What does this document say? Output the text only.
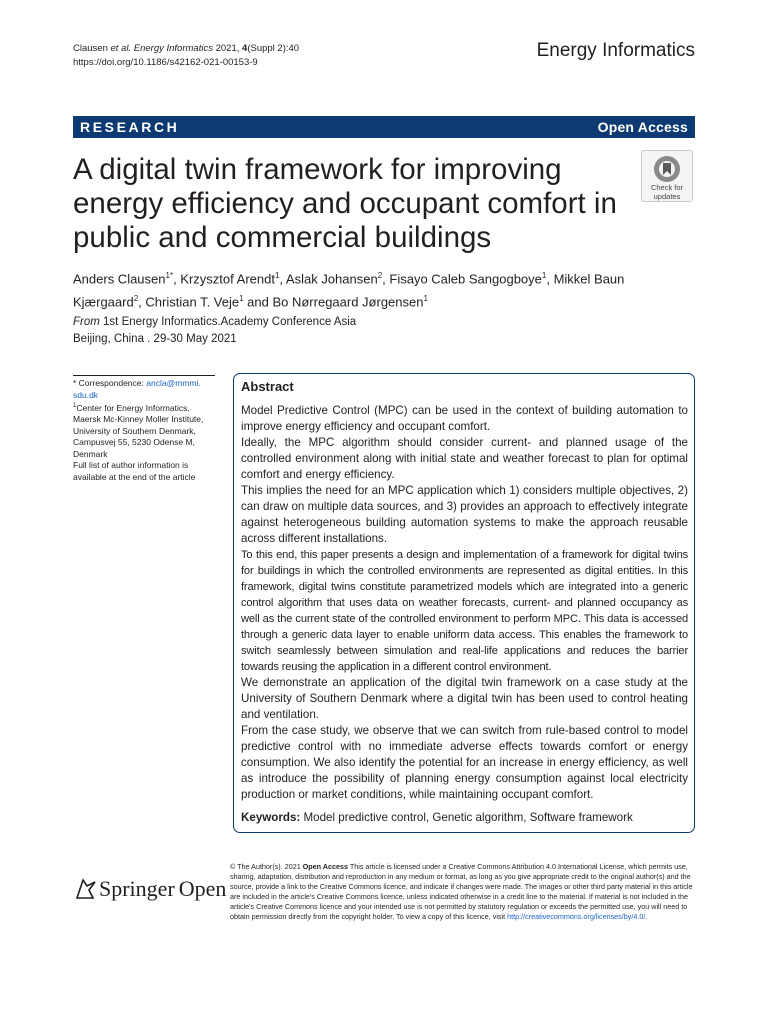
Clausen et al. Energy Informatics 2021, 4(Suppl 2):40
https://doi.org/10.1186/s42162-021-00153-9
Energy Informatics
RESEARCH	Open Access
A digital twin framework for improving energy efficiency and occupant comfort in public and commercial buildings
Check for
updates
Anders Clausen$^{1*}$, Krzysztof Arendt$^1$, Aslak Johansen$^2$, Fisayo Caleb Sangogboye$^1$, Mikkel Baun Kjærgaard$^2$, Christian T. Veje$^1$ and Bo Nørregaard Jørgensen$^1$
From 1st Energy Informatics.Academy Conference Asia
Beijing, China . 29-30 May 2021
* Correspondence: ancla@mmmi.
sdu.dk
$^1$Center for Energy Informatics, Maersk Mc-Kinney Moller Institute, University of Southern Denmark, Campusvej 55, 5230 Odense M, Denmark
Full list of author information is available at the end of the article
Abstract

Model Predictive Control (MPC) can be used in the context of building automation to improve energy efficiency and occupant comfort.

Ideally, the MPC algorithm should consider current- and planned usage of the controlled environment along with initial state and weather forecast to plan for optimal comfort and energy efficiency.

This implies the need for an MPC application which 1) considers multiple objectives, 2) can draw on multiple data sources, and 3) provides an approach to effectively integrate against heterogeneous building automation systems to make the approach reusable across different installations.

To this end, this paper presents a design and implementation of a framework for digital twins for buildings in which the controlled environments are represented as digital entities. In this framework, digital twins constitute parametrized models which are integrated into a generic control algorithm that uses data on weather forecasts, current- and planned occupancy as well as the current state of the controlled environment to perform MPC. This data is accessed through a generic data layer to enable uniform data access. This enables the framework to switch seamlessly between simulation and real-life applications and reduces the barrier towards reusing the application in a different control environment.

We demonstrate an application of the digital twin framework on a case study at the University of Southern Denmark where a digital twin has been used to control heating and ventilation.

From the case study, we observe that we can switch from rule-based control to model predictive control with no immediate adverse effects towards comfort or energy consumption. We also identify the potential for an increase in energy efficiency, as well as introduce the possibility of planning energy consumption against local electricity production or market conditions, while maintaining occupant comfort.

Keywords: Model predictive control, Genetic algorithm, Software framework
Springer Open
© The Author(s). 2021 Open Access This article is licensed under a Creative Commons Attribution 4.0 International License, which permits use, sharing, adaptation, distribution and reproduction in any medium or format, as long as you give appropriate credit to the original author(s) and the source, provide a link to the Creative Commons licence, and indicate if changes were made. The images or other third party material in this article are included in the article's Creative Commons licence, unless indicated otherwise in a credit line to the material. If material is not included in the article's Creative Commons licence and your intended use is not permitted by statutory regulation or exceeds the permitted use, you will need to obtain permission directly from the copyright holder. To view a copy of this licence, visit http://creativecommons.org/licenses/by/4.0/.
